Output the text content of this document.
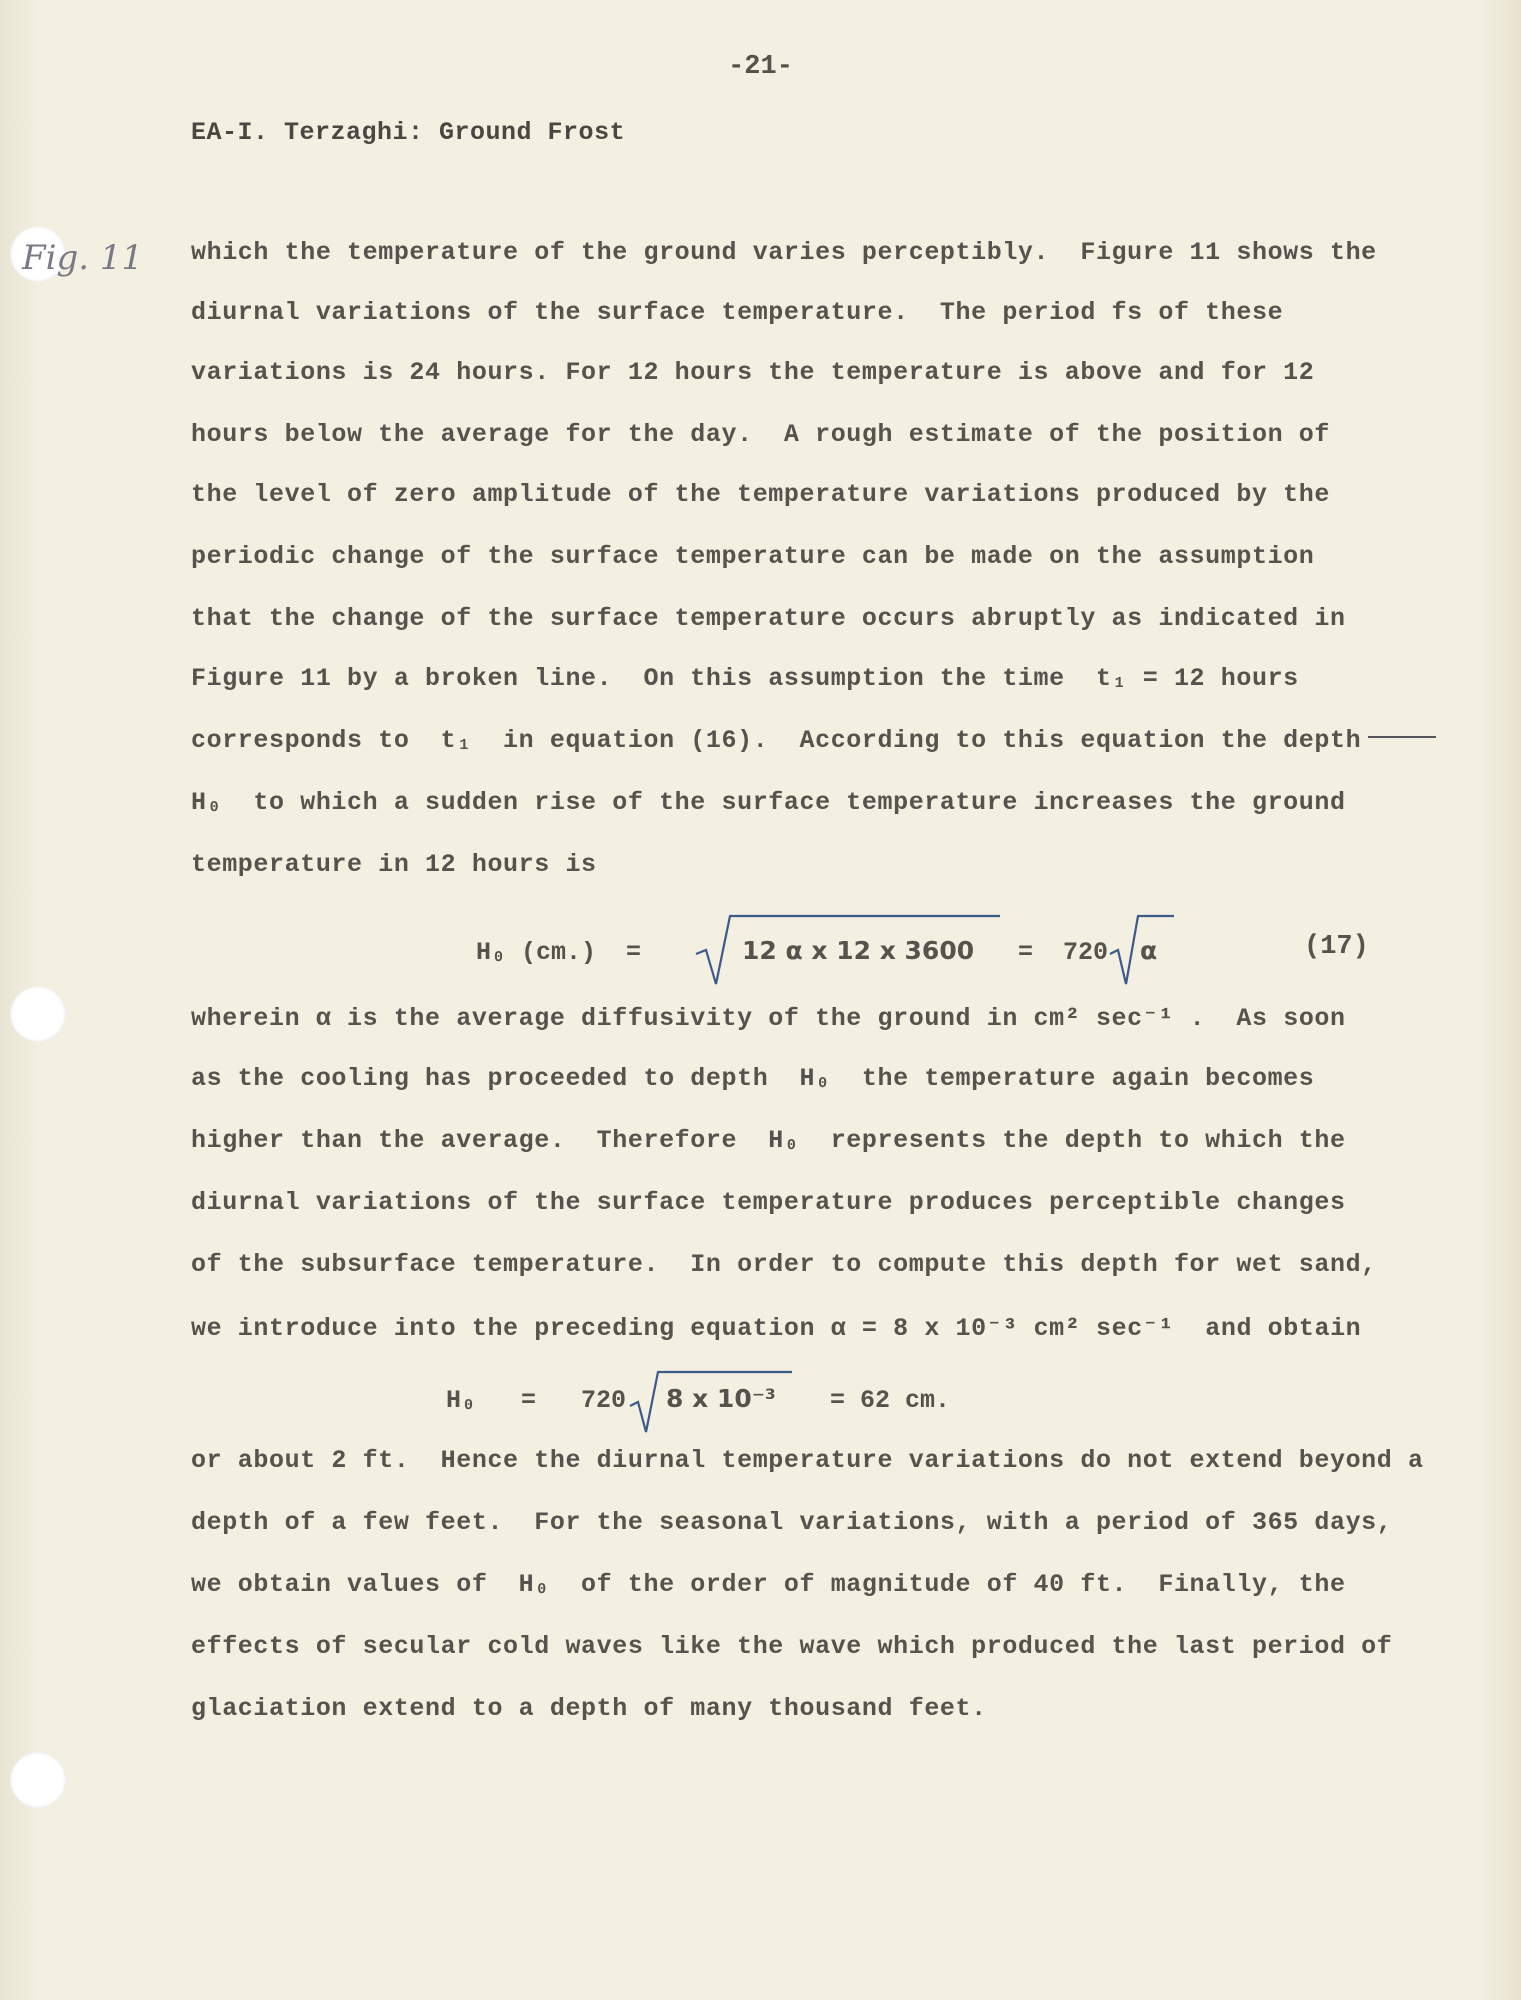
-21-
EA-I. Terzaghi: Ground Frost
Fig. 11 which the temperature of the ground varies perceptibly.  Figure 11 shows the
diurnal variations of the surface temperature.  The period fs of these
variations is 24 hours. For 12 hours the temperature is above and for 12
hours below the average for the day.  A rough estimate of the position of
the level of zero amplitude of the temperature variations produced by the
periodic change of the surface temperature can be made on the assumption
that the change of the surface temperature occurs abruptly as indicated in
Figure 11 by a broken line.  On this assumption the time  t₁ = 12 hours
corresponds to  t₁  in equation (16).  According to this equation the depth
H₀  to which a sudden rise of the surface temperature increases the ground
temperature in 12 hours is
H₀ (cm.)  =	12 α x 12 x 3600 =  720 α	(17)
wherein α is the average diffusivity of the ground in cm² sec⁻¹ .  As soon
as the cooling has proceeded to depth  H₀  the temperature again becomes
higher than the average.  Therefore  H₀  represents the depth to which the
diurnal variations of the surface temperature produces perceptible changes
of the subsurface temperature.  In order to compute this depth for wet sand,
we introduce into the preceding equation α = 8 x 10⁻³ cm² sec⁻¹  and obtain
H₀   =   720 8 x 10⁻³ = 62 cm.
or about 2 ft.  Hence the diurnal temperature variations do not extend beyond a
depth of a few feet.  For the seasonal variations, with a period of 365 days,
we obtain values of  H₀  of the order of magnitude of 40 ft.  Finally, the
effects of secular cold waves like the wave which produced the last period of
glaciation extend to a depth of many thousand feet.
